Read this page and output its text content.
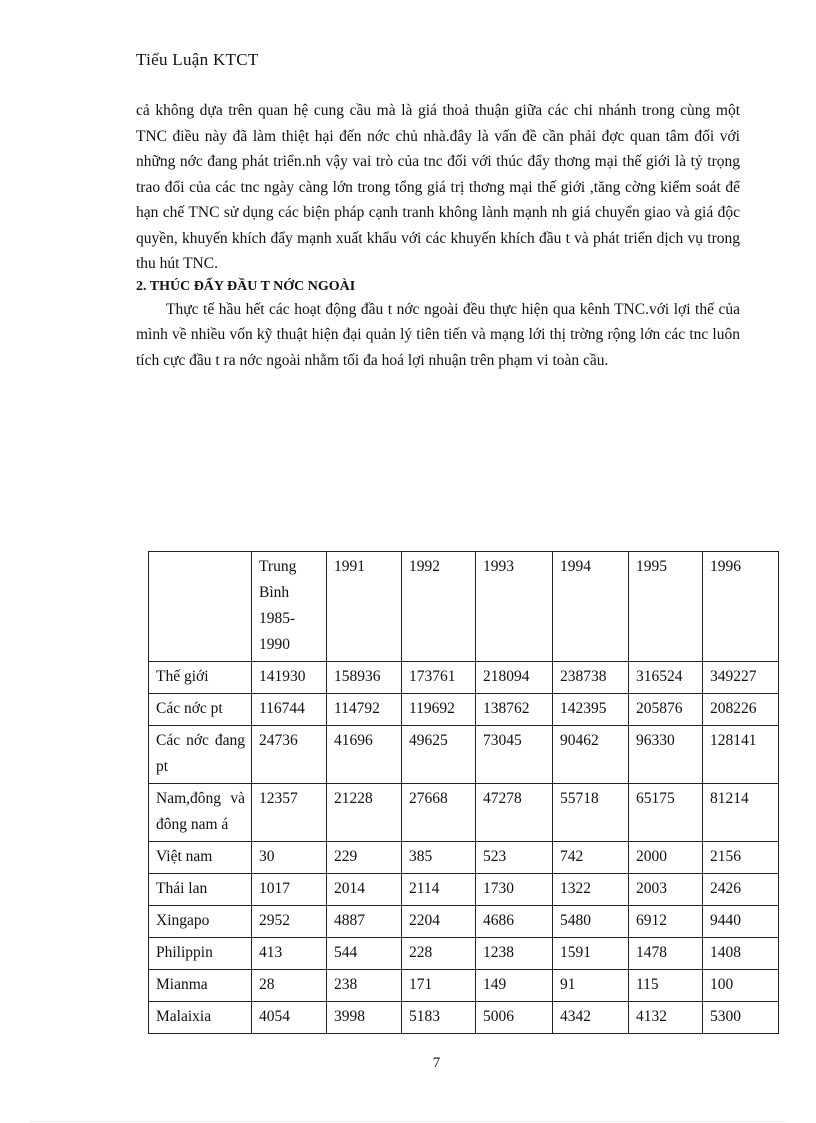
Tiểu Luận KTCT

cả không dựa trên quan hệ cung cầu mà là giá thoả thuận giữa các chi nhánh trong cùng một TNC điều này đã làm thiệt hại đến nớc chủ nhà.đây là vấn đề cần phải đợc quan tâm đối với những nớc đang phát triển.nh vậy vai trò của tnc đối với thúc đẩy thơng mại thế giới là tỷ trọng trao đổi của các tnc ngày càng lớn trong tổng giá trị thơng mại thế giới ,tăng cờng kiểm soát để hạn chế TNC sử dụng các biện pháp cạnh tranh không lành mạnh nh giá chuyển giao và giá độc quyền, khuyến khích đẩy mạnh xuất khẩu với các khuyến khích đầu t và phát triển dịch vụ trong thu hút TNC.

2. THÚC ĐẨY ĐẦU T NỚC NGOÀI

Thực tế hầu hết các hoạt động đầu t nớc ngoài đều thực hiện qua kênh TNC.với lợi thế của mình về nhiều vốn kỹ thuật hiện đại quản lý tiên tiến và mạng lới thị trờng rộng lớn các tnc luôn tích cực đầu t ra nớc ngoài nhằm tối đa hoá lợi nhuận trên phạm vi toàn cầu.

	Trung Bình 1985-1990	1991	1992	1993	1994	1995	1996
Thế giới	141930	158936	173761	218094	238738	316524	349227
Các nớc pt	116744	114792	119692	138762	142395	205876	208226
Các nớc đang pt	24736	41696	49625	73045	90462	96330	128141
Nam,đông và đông nam á	12357	21228	27668	47278	55718	65175	81214
Việt nam	30	229	385	523	742	2000	2156
Thái lan	1017	2014	2114	1730	1322	2003	2426
Xingapo	2952	4887	2204	4686	5480	6912	9440
Philippin	413	544	228	1238	1591	1478	1408
Mianma	28	238	171	149	91	115	100
Malaixia	4054	3998	5183	5006	4342	4132	5300
7
